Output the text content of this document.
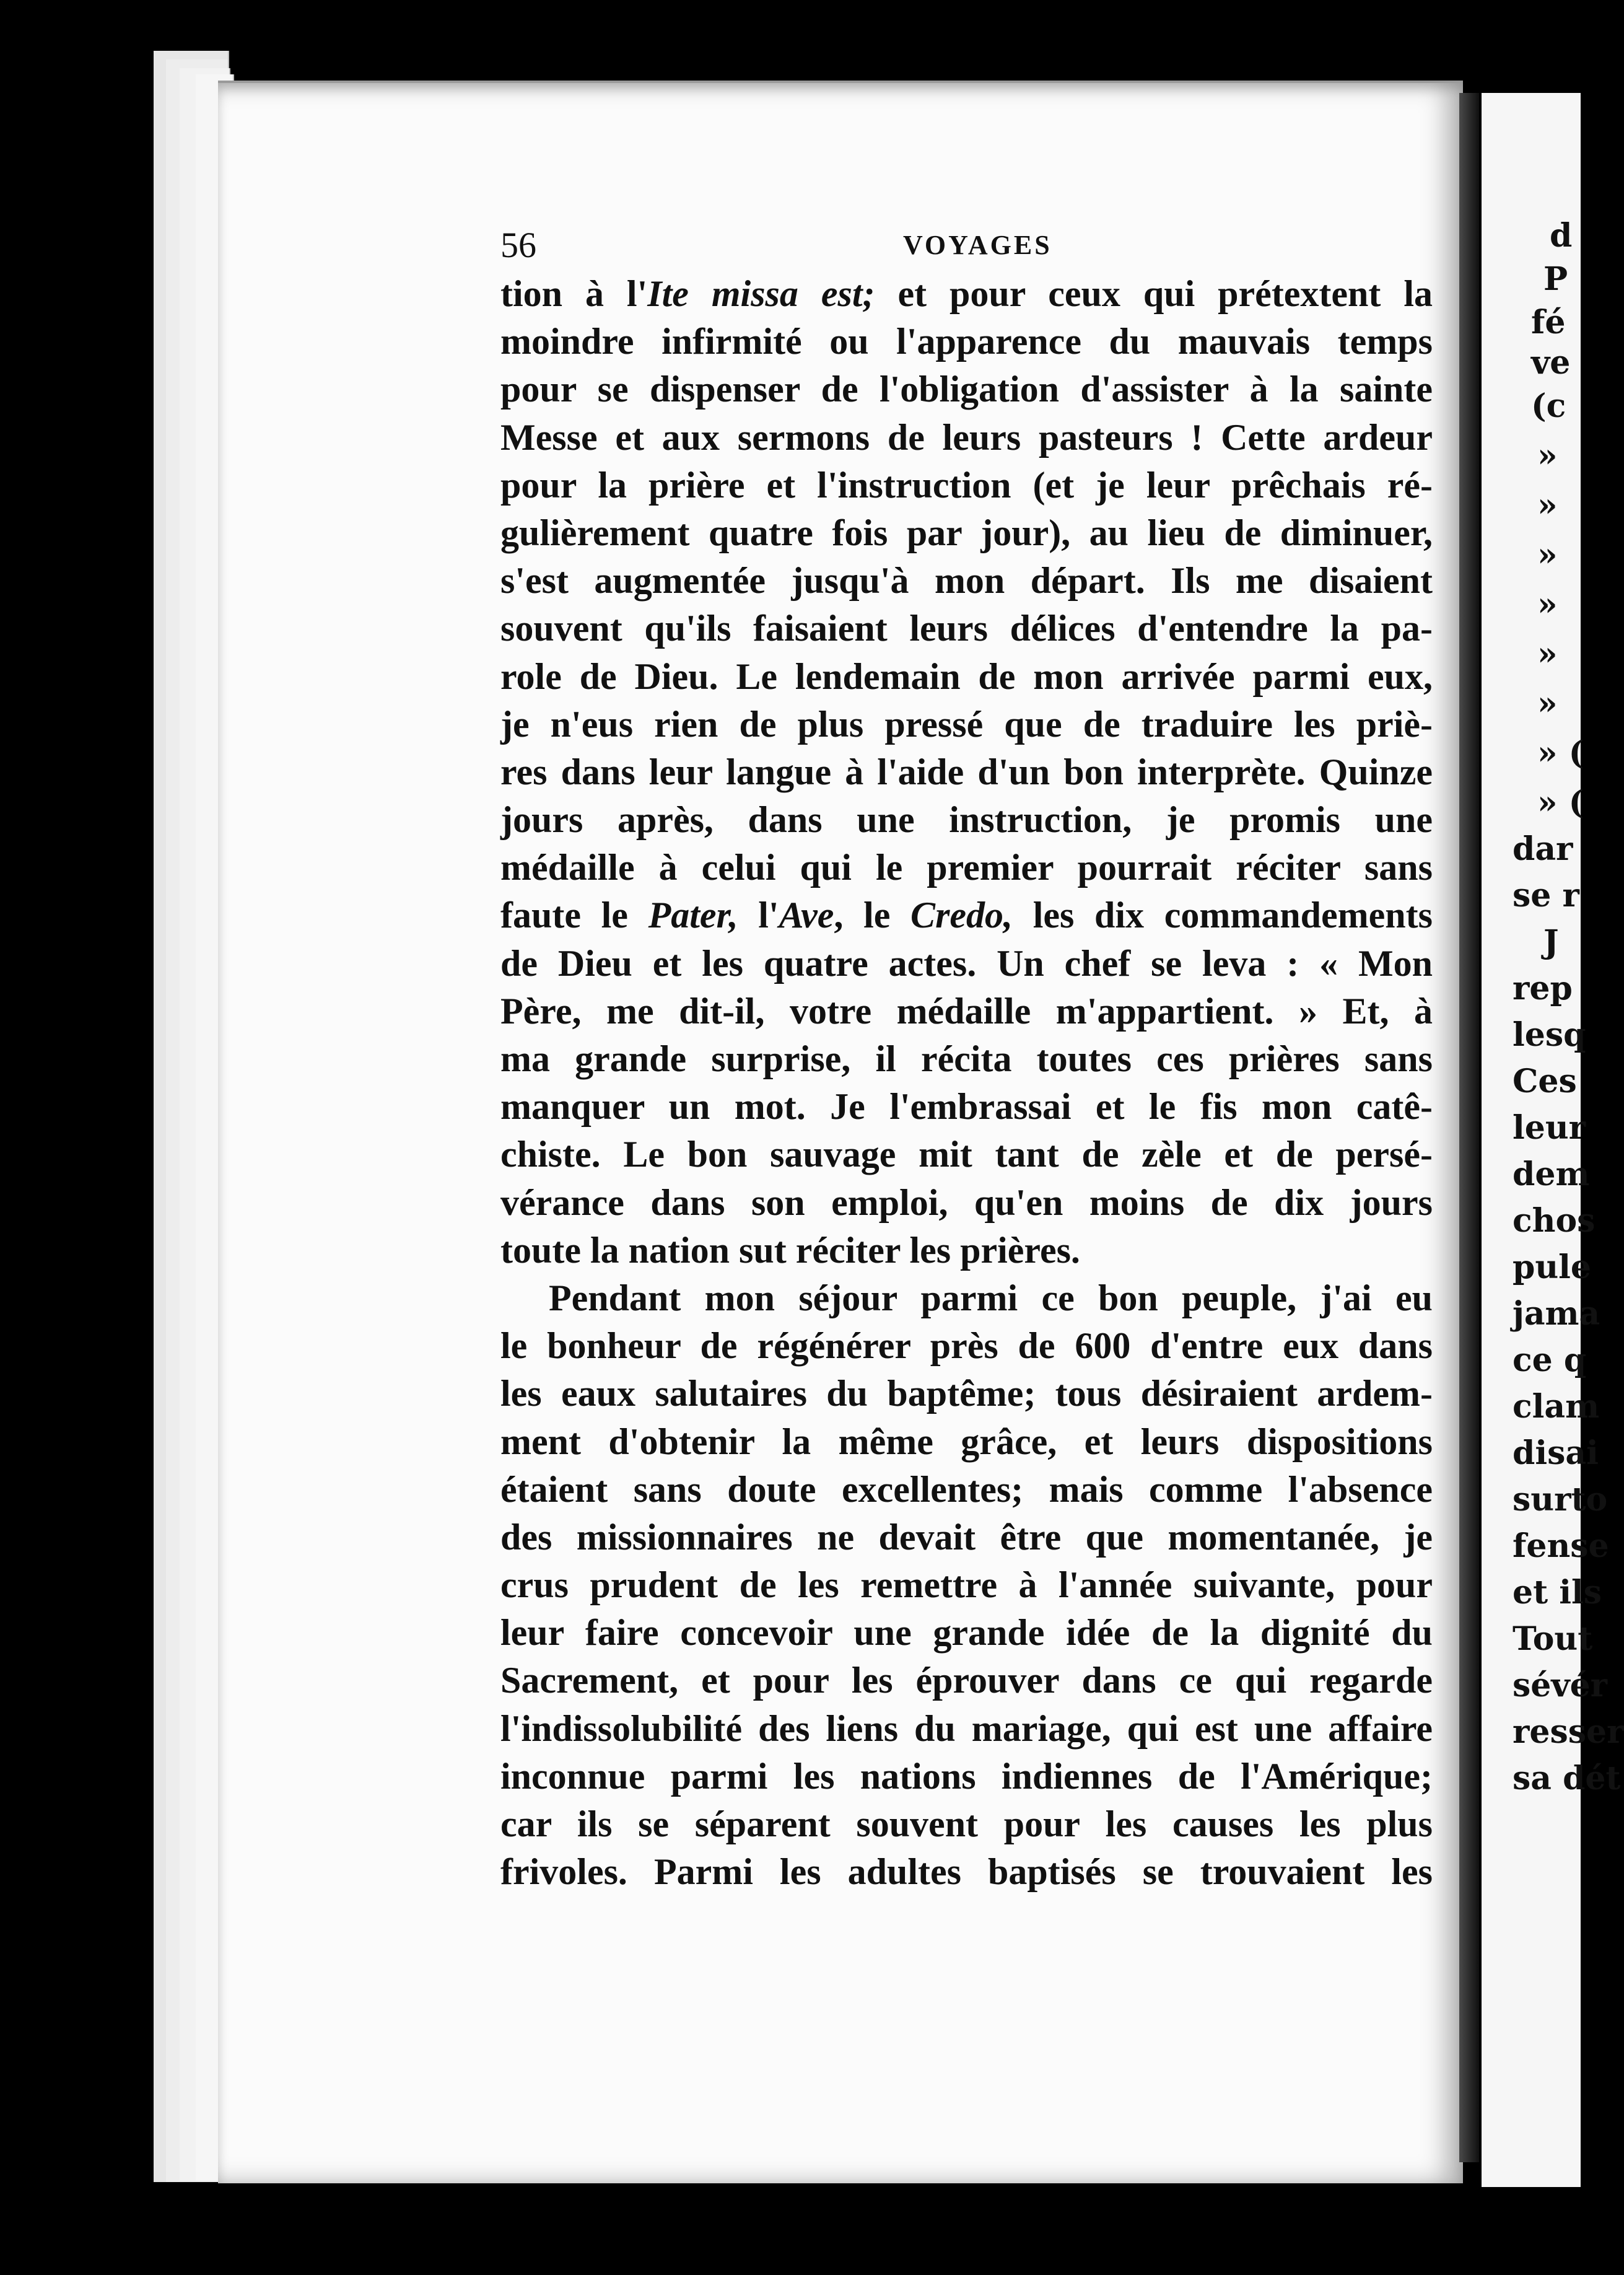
d
P
fé
ve
(c
»
»
»
»
»
»
» (
» (
dar
se r
J
rep
lesq
Ces
leur
dem
chos
pule
jama
ce q
clam
disai
surto
fense
et ils
Tout
sévér
resser
sa dét
56	VOYAGES
tion à l'Ite missa est; et pour ceux qui prétextent la
moindre infirmité ou l'apparence du mauvais temps
pour se dispenser de l'obligation d'assister à la sainte
Messe et aux sermons de leurs pasteurs ! Cette ardeur
pour la prière et l'instruction (et je leur prêchais ré-
gulièrement quatre fois par jour), au lieu de diminuer,
s'est augmentée jusqu'à mon départ. Ils me disaient
souvent qu'ils faisaient leurs délices d'entendre la pa-
role de Dieu. Le lendemain de mon arrivée parmi eux,
je n'eus rien de plus pressé que de traduire les priè-
res dans leur langue à l'aide d'un bon interprète. Quinze
jours après, dans une instruction, je promis une
médaille à celui qui le premier pourrait réciter sans
faute le Pater, l'Ave, le Credo, les dix commandements
de Dieu et les quatre actes. Un chef se leva : « Mon
Père, me dit-il, votre médaille m'appartient. » Et, à
ma grande surprise, il récita toutes ces prières sans
manquer un mot. Je l'embrassai et le fis mon catê-
chiste. Le bon sauvage mit tant de zèle et de persé-
vérance dans son emploi, qu'en moins de dix jours
toute la nation sut réciter les prières.
Pendant mon séjour parmi ce bon peuple, j'ai eu
le bonheur de régénérer près de 600 d'entre eux dans
les eaux salutaires du baptême; tous désiraient ardem-
ment d'obtenir la même grâce, et leurs dispositions
étaient sans doute excellentes; mais comme l'absence
des missionnaires ne devait être que momentanée, je
crus prudent de les remettre à l'année suivante, pour
leur faire concevoir une grande idée de la dignité du
Sacrement, et pour les éprouver dans ce qui regarde
l'indissolubilité des liens du mariage, qui est une affaire
inconnue parmi les nations indiennes de l'Amérique;
car ils se séparent souvent pour les causes les plus
frivoles. Parmi les adultes baptisés se trouvaient les
